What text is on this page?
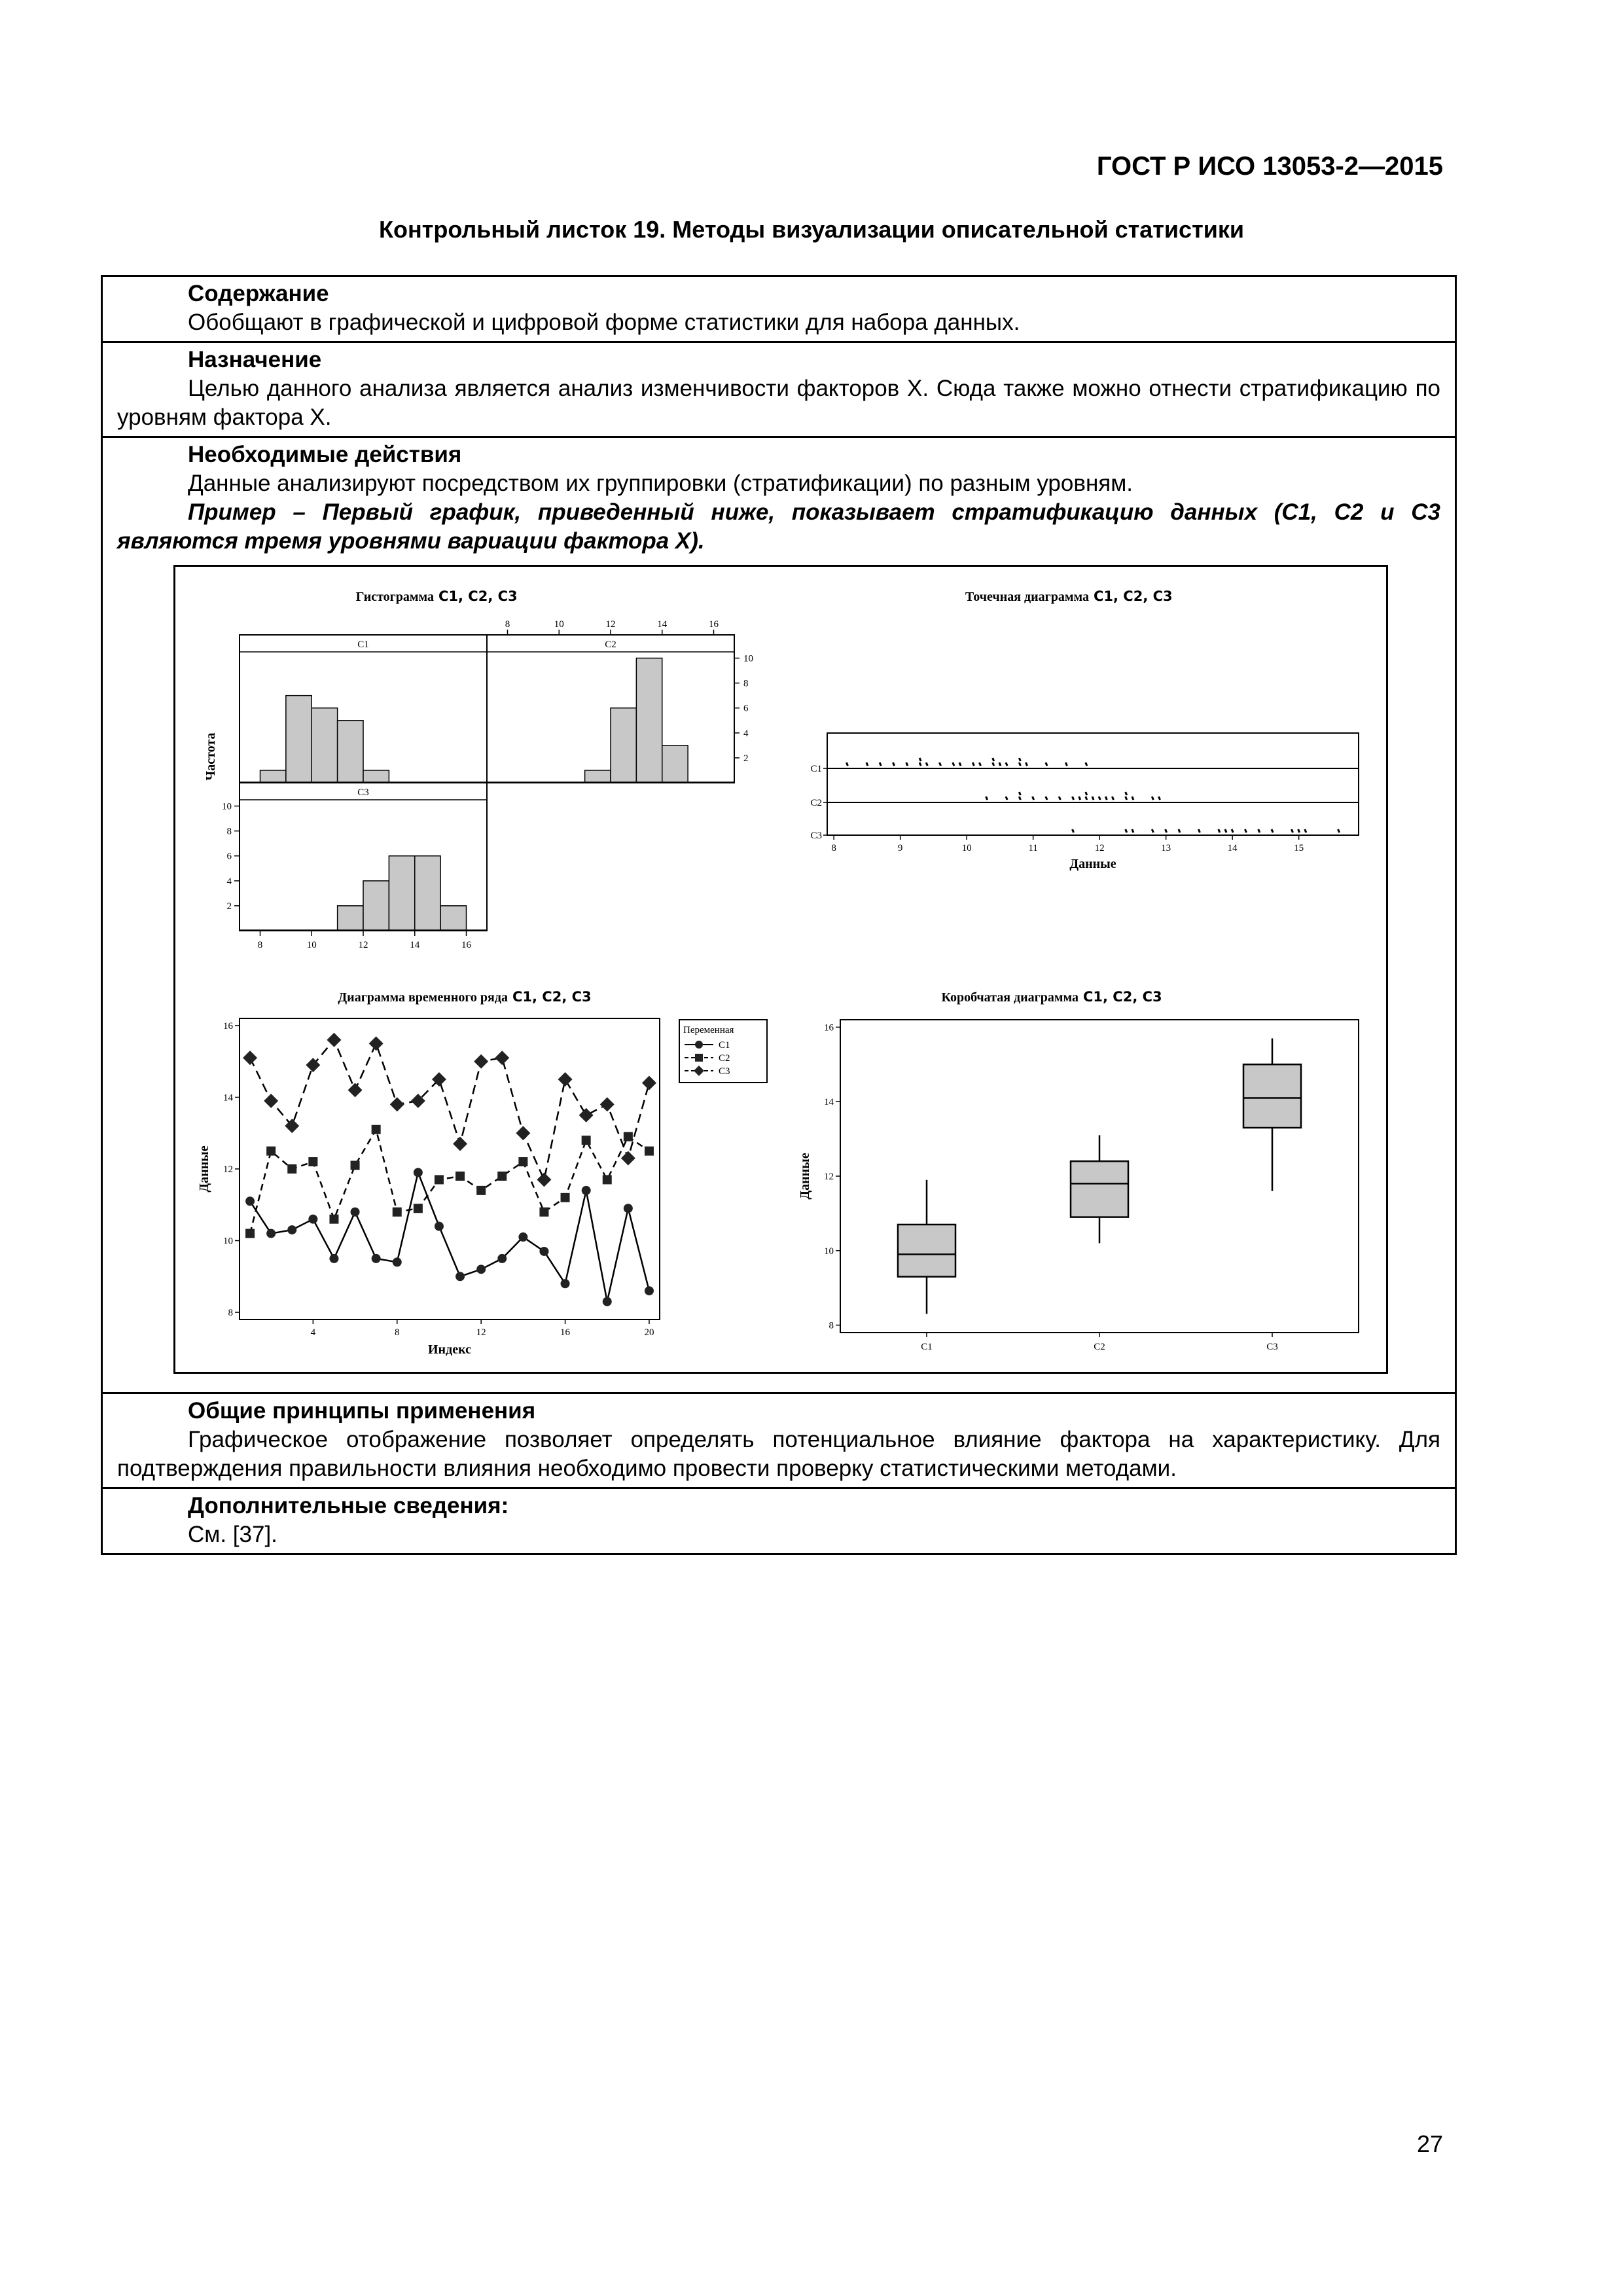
ГОСТ Р ИСО 13053-2—2015
Контрольный листок 19. Методы визуализации описательной статистики
Содержание
Обобщают в графической и цифровой форме статистики для набора данных.
Назначение
Целью данного анализа является анализ изменчивости факторов X. Сюда также можно отнести стратификацию по уровням фактора X.
Необходимые действия
Данные анализируют посредством их группировки (стратификации) по разным уровням.
Пример – Первый график, приведенный ниже, показывает стратификацию данных (С1, С2 и С3 являются тремя уровнями вариации фактора X).
Гистограмма C1, C2, C3
C1	C2
2
4
6
8
10
8	10	12	14	16
C3
2
4
6
8
10
8	10	12	14	16
Частота
Точечная диаграмма C1, C2, C3
C1
C2
C3
8	9	10	11	12	13	14	15
Данные
Диаграмма временного ряда C1, C2, C3
4	8	12	16	20
8
10
12
14
16
Индекс
Данные
Переменная
C1
C2
C3
Коробчатая диаграмма C1, C2, C3
8
10
12
14
16
Данные
C1	C2	C3
Общие принципы применения
Графическое отображение позволяет определять потенциальное влияние фактора на характеристику. Для подтверждения правильности влияния необходимо провести проверку статистическими методами.
Дополнительные сведения:
См. [37].
27
